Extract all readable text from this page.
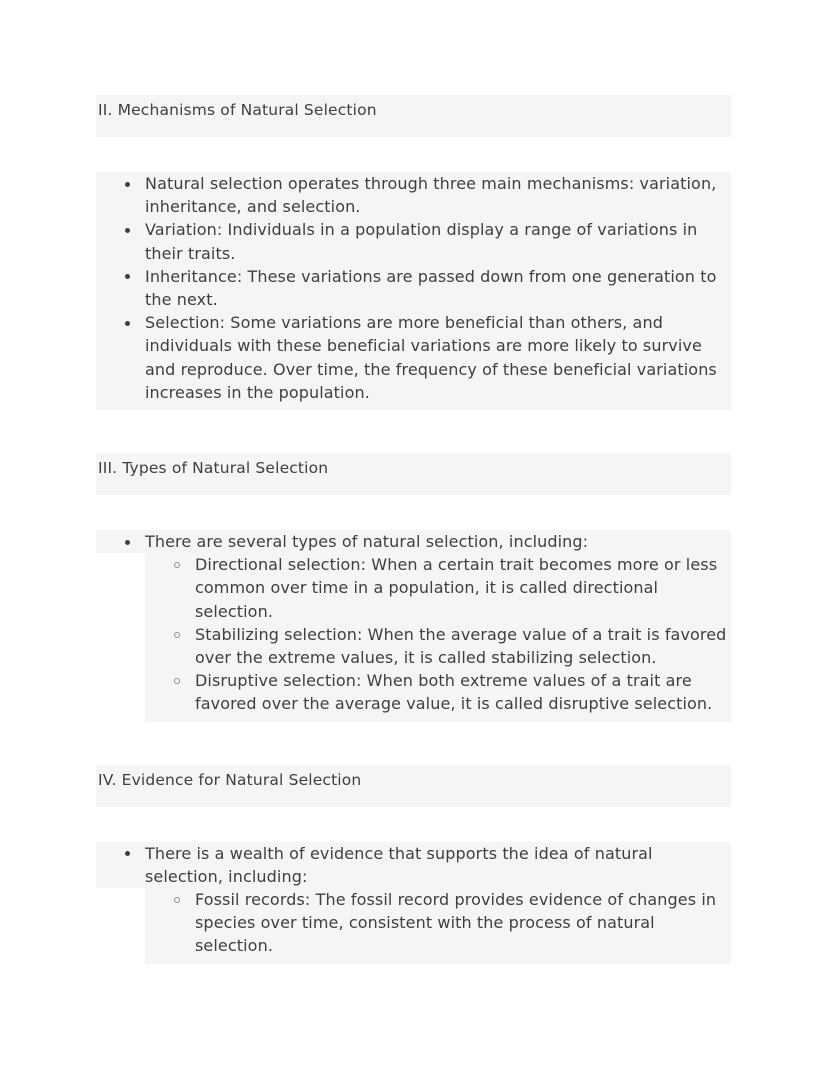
II. Mechanisms of Natural Selection
Natural selection operates through three main mechanisms: variation, inheritance, and selection.
Variation: Individuals in a population display a range of variations in their traits.
Inheritance: These variations are passed down from one generation to the next.
Selection: Some variations are more beneficial than others, and individuals with these beneficial variations are more likely to survive and reproduce. Over time, the frequency of these beneficial variations increases in the population.
III. Types of Natural Selection
There are several types of natural selection, including:
Directional selection: When a certain trait becomes more or less common over time in a population, it is called directional selection.
Stabilizing selection: When the average value of a trait is favored over the extreme values, it is called stabilizing selection.
Disruptive selection: When both extreme values of a trait are favored over the average value, it is called disruptive selection.
IV. Evidence for Natural Selection
There is a wealth of evidence that supports the idea of natural selection, including:
Fossil records: The fossil record provides evidence of changes in species over time, consistent with the process of natural selection.
